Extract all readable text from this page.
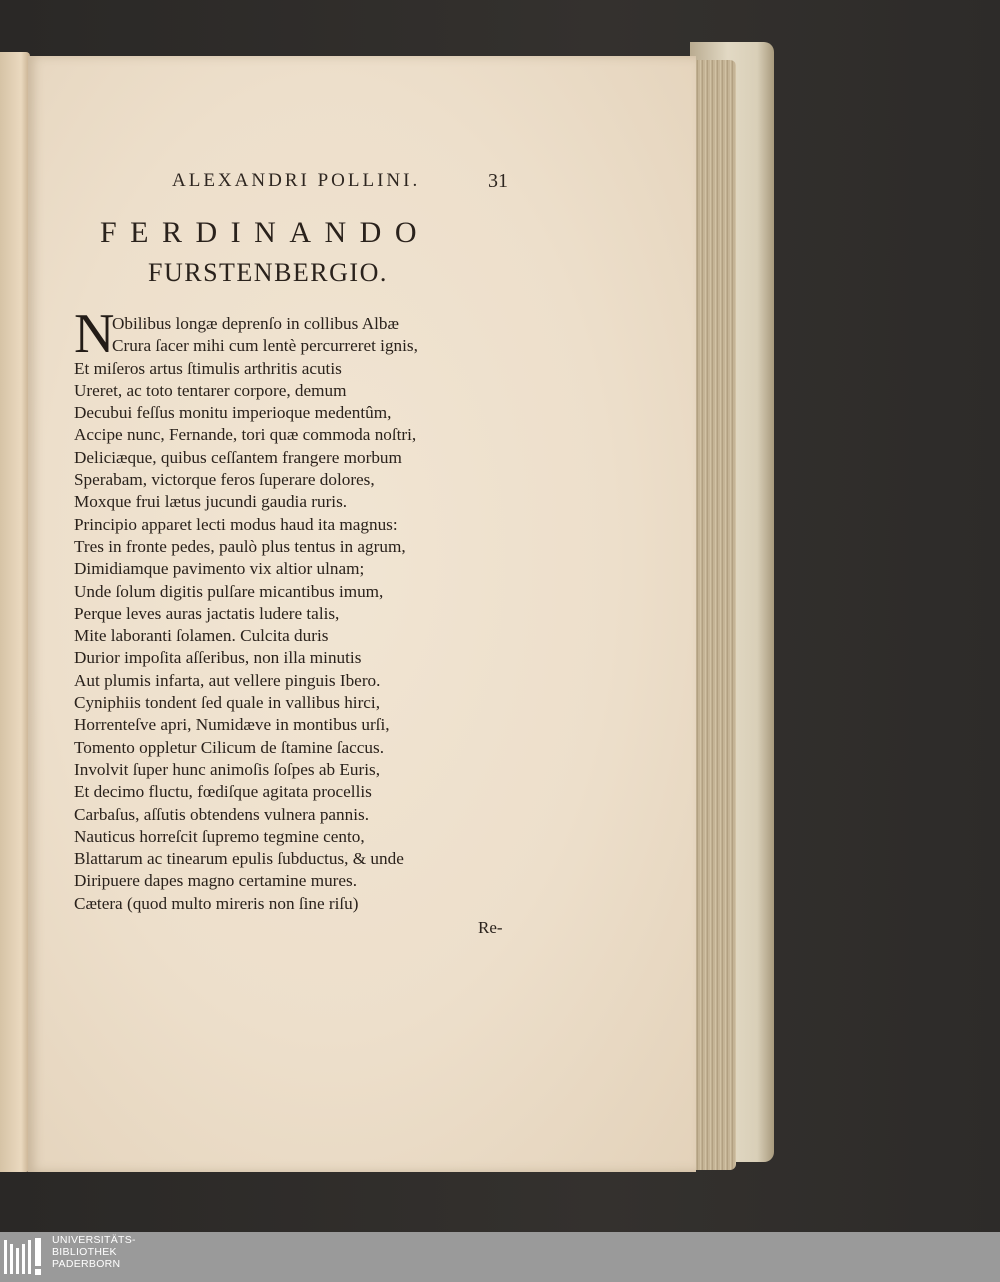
ALEXANDRI POLLINI.	31
FERDINANDO
FURSTENBERGIO.
N
Obilibus longæ deprenſo in collibus Albæ
Crura ſacer mihi cum lentè percurreret ignis,
Et miſeros artus ſtimulis arthritis acutis
Ureret, ac toto tentarer corpore, demum
Decubui feſſus monitu imperioque medentûm,
Accipe nunc, Fernande, tori quæ commoda noſtri,
Deliciæque, quibus ceſſantem frangere morbum
Sperabam, victorque feros ſuperare dolores,
Moxque frui lætus jucundi gaudia ruris.
Principio apparet lecti modus haud ita magnus:
Tres in fronte pedes, paulò plus tentus in agrum,
Dimidiamque pavimento vix altior ulnam;
Unde ſolum digitis pulſare micantibus imum,
Perque leves auras jactatis ludere talis,
Mite laboranti ſolamen. Culcita duris
Durior impoſita aſſeribus, non illa minutis
Aut plumis infarta, aut vellere pinguis Ibero.
Cyniphiis tondent ſed quale in vallibus hirci,
Horrenteſve apri, Numidæve in montibus urſi,
Tomento oppletur Cilicum de ſtamine ſaccus.
Involvit ſuper hunc animoſis ſoſpes ab Euris,
Et decimo fluctu, fœdiſque agitata procellis
Carbaſus, aſſutis obtendens vulnera pannis.
Nauticus horreſcit ſupremo tegmine cento,
Blattarum ac tinearum epulis ſubductus, & unde
Diripuere dapes magno certamine mures.
Cætera (quod multo mireris non ſine riſu)
Re-
UNIVERSITÄTS-
BIBLIOTHEK
PADERBORN
